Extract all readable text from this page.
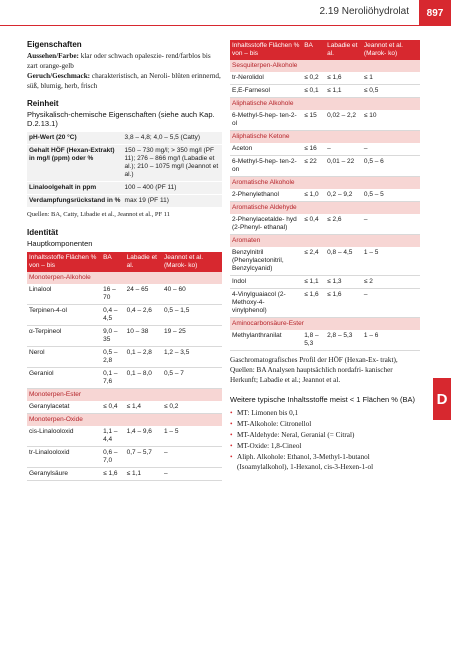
2.19 Neroliöhydrolat	897
D
Eigenschaften

Aussehen/Farbe: klar oder schwach opaleszie- rend/farblos bis zart orange-gelb

Geruch/Geschmack: charakteristisch, an Neroli- blüten erinnernd, süß, blumig, herb, frisch

Reinheit
Physikalisch-chemische Eigenschaften (siehe auch Kap. D.2.13.1)
pH-Wert (20 °C)	3,8 – 4,8; 4,0 – 5,5 (Catty)
Gehalt HÖF (Hexan-Extrakt) in mg/l (ppm) oder %	150 – 730 mg/l; > 350 mg/l (PF 11); 276 – 866 mg/l (Labadie et al.); 210 – 1075 mg/l (Jeannot et al.)
Linaloolgehalt in ppm	100 – 400 (PF 11)
Verdampfungsrückstand in %	max 19 (PF 11)
Quellen: BA, Catty, Libadie et al., Jeannot et al., PF 11
Identität
Hauptkomponenten
Inhaltsstoffe Flächen % von – bis	BA	Labadie et al.	Jeannot et al. (Marok- ko)
Monoterpen-Alkohole			
Linalool	16 – 70	24 – 65	40 – 60
Terpinen-4-ol	0,4 – 4,5	0,4 – 2,6	0,5 – 1,5
α-Terpineol	9,0 – 35	10 – 38	19 – 25
Nerol	0,5 – 2,8	0,1 – 2,8	1,2 – 3,5
Geraniol	0,1 – 7,6	0,1 – 8,0	0,5 – 7
Monoterpen-Ester			
Geranylacetat	≤ 0,4	≤ 1,4	≤ 0,2
Monoterpen-Oxide			
cis-Linalooloxid	1,1 – 4,4	1,4 – 9,6	1 – 5
tr-Linalooloxid	0,6 – 7,0	0,7 – 5,7	–
Geranylsäure	≤ 1,6	≤ 1,1	–
Inhaltsstoffe Flächen % von – bis	BA	Labadie et al.	Jeannot et al. (Marok- ko)
Sesquiterpen-Alkohole			
tr-Nerolidol	≤ 0,2	≤ 1,6	≤ 1
E,E-Farnesol	≤ 0,1	≤ 1,1	≤ 0,5
Aliphatische Alkohole			
6-Methyl-5-hep- ten-2-ol	≤ 15	0,02 – 2,2	≤ 10
Aliphatische Ketone			
Aceton	≤ 16	–	–
6-Methyl-5-hep- ten-2-on	≤ 22	0,01 – 22	0,5 – 6
Aromatische Alkohole			
2-Phenylethanol	≤ 1,0	0,2 – 9,2	0,5 – 5
Aromatische Aldehyde			
2-Phenylacetalde- hyd (2-Phenyl- ethanal)	≤ 0,4	≤ 2,6	–
Aromaten			
Benzylnitril (Phenylacetonitril, Benzylcyanid)	≤ 2,4	0,8 – 4,5	1 – 5
Indol	≤ 1,1	≤ 1,3	≤ 2
4-Vinylguaiacol (2-Methoxy-4- vinylphenol)	≤ 1,6	≤ 1,6	–
Aminocarbonsäure-Ester			
Methylanthranilat	1,8 – 5,3	2,8 – 5,3	1 – 6

Gaschromatografisches Profil der HÖF (Hexan-Ex- trakt), Quellen: BA Analysen hauptsächlich nordafri- kanischer Herkunft; Labadie et al.; Jeannot et al.

Weitere typische Inhaltsstoffe meist < 1 Flächen % (BA)
• MT: Limonen bis 0,1
• MT-Alkohole: Citronellol
• MT-Aldehyde: Neral, Geranial (= Citral)
• MT-Oxide: 1,8-Cineol
• Aliph. Alkohole: Ethanol, 3-Methyl-1-butanol (Isoamylalkohol), 1-Hexanol, cis-3-Hexen-1-ol
